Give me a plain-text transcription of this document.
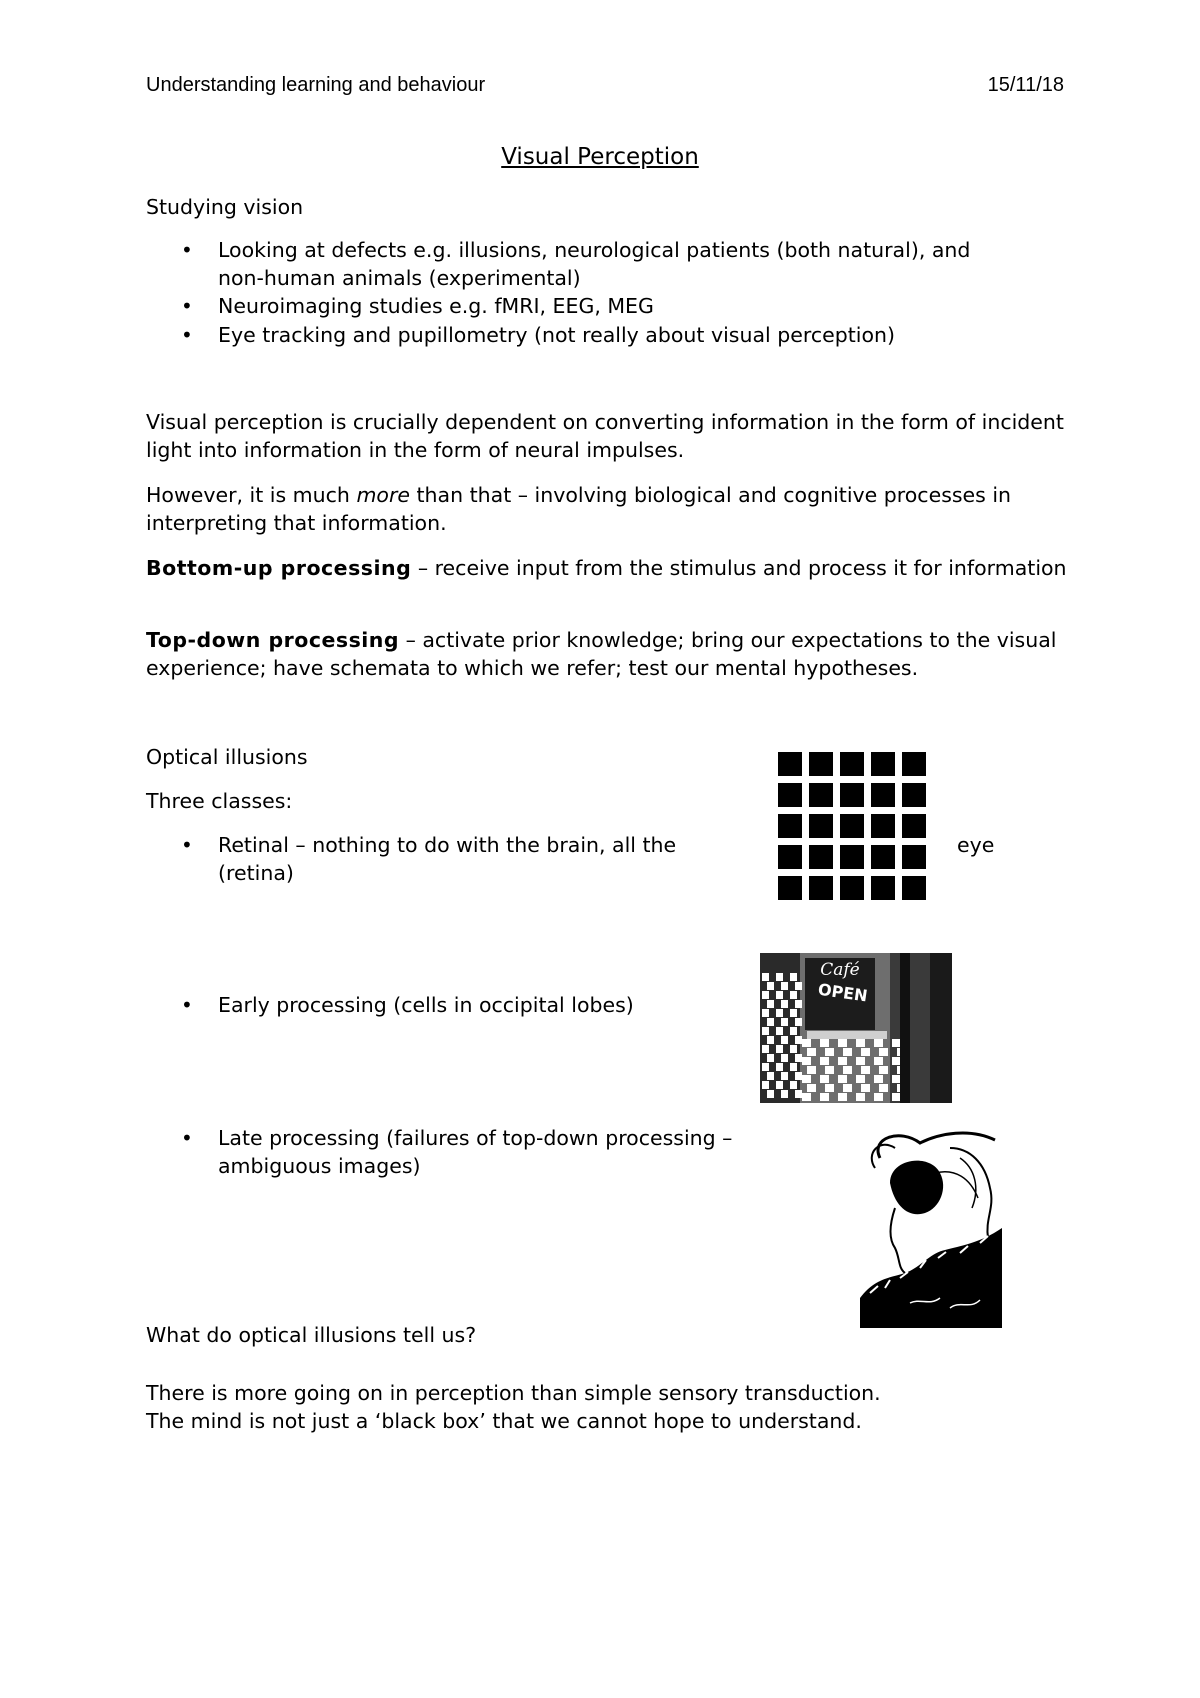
Understanding learning and behaviour	15/11/18
Visual Perception
Studying vision
• Looking at defects e.g. illusions, neurological patients (both natural), and
non-human animals (experimental)
• Neuroimaging studies e.g. fMRI, EEG, MEG
• Eye tracking and pupillometry (not really about visual perception)
Visual perception is crucially dependent on converting information in the form of incident light into information in the form of neural impulses.
However, it is much more than that – involving biological and cognitive processes in interpreting that information.
Bottom-up processing – receive input from the stimulus and process it for information
Top-down processing – activate prior knowledge; bring our expectations to the visual experience; have schemata to which we refer; test our mental hypotheses.
Optical illusions
Three classes:
• Retinal – nothing to do with the brain, all the	eye
(retina)
• Early processing (cells in occipital lobes)
Café
OPEN
• Late processing (failures of top-down processing –
ambiguous images)
What do optical illusions tell us?
There is more going on in perception than simple sensory transduction.
The mind is not just a ‘black box’ that we cannot hope to understand.
